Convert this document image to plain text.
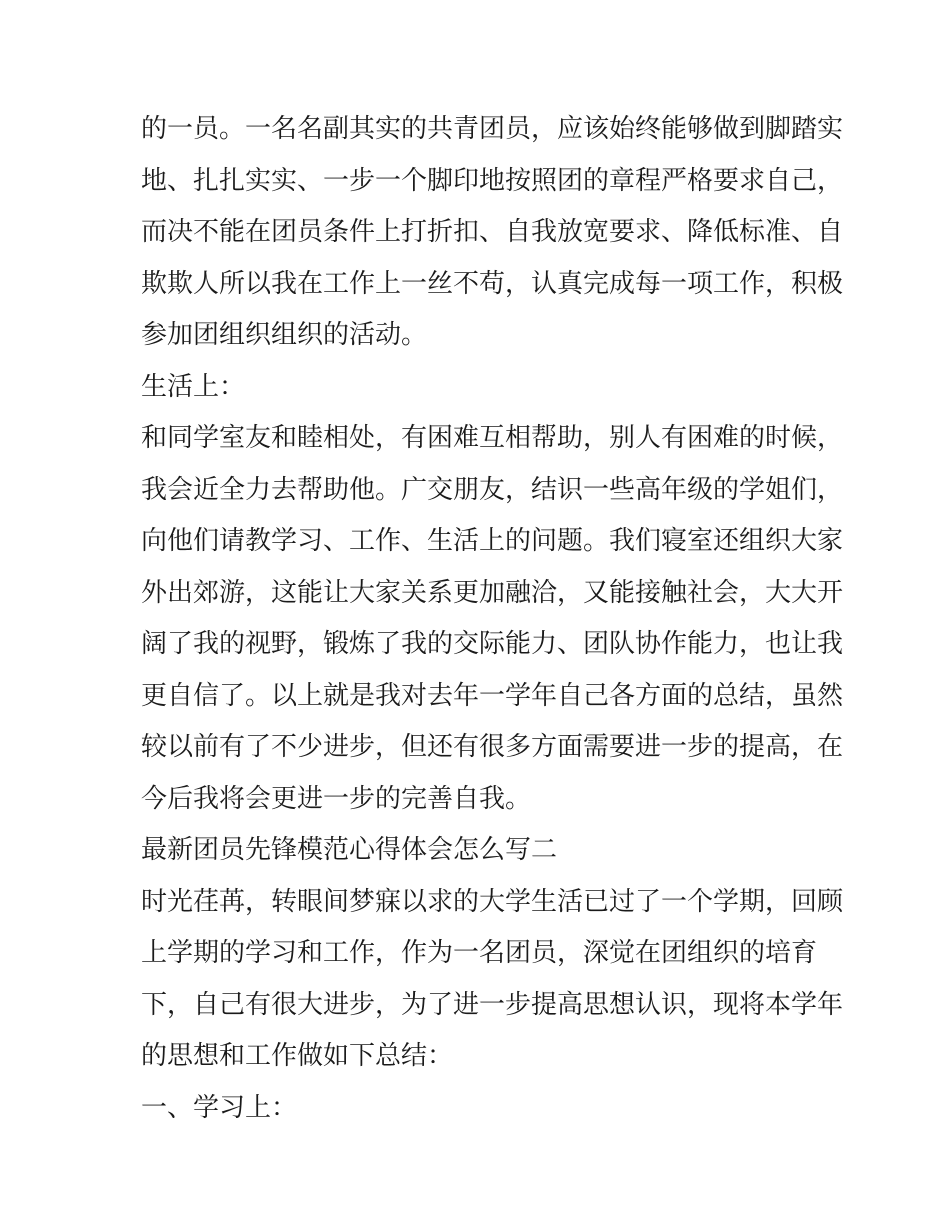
的一员。一名名副其实的共青团员，应该始终能够做到脚踏实
地、扎扎实实、一步一个脚印地按照团的章程严格要求自己，
而决不能在团员条件上打折扣、自我放宽要求、降低标准、自
欺欺人所以我在工作上一丝不苟，认真完成每一项工作，积极
参加团组织组织的活动。
生活上：
和同学室友和睦相处，有困难互相帮助，别人有困难的时候，
我会近全力去帮助他。广交朋友，结识一些高年级的学姐们，
向他们请教学习、工作、生活上的问题。我们寝室还组织大家
外出郊游，这能让大家关系更加融洽，又能接触社会，大大开
阔了我的视野，锻炼了我的交际能力、团队协作能力，也让我
更自信了。以上就是我对去年一学年自己各方面的总结，虽然
较以前有了不少进步，但还有很多方面需要进一步的提高，在
今后我将会更进一步的完善自我。
最新团员先锋模范心得体会怎么写二
时光荏苒，转眼间梦寐以求的大学生活已过了一个学期，回顾
上学期的学习和工作，作为一名团员，深觉在团组织的培育
下，自己有很大进步，为了进一步提高思想认识，现将本学年
的思想和工作做如下总结：
一、学习上：
